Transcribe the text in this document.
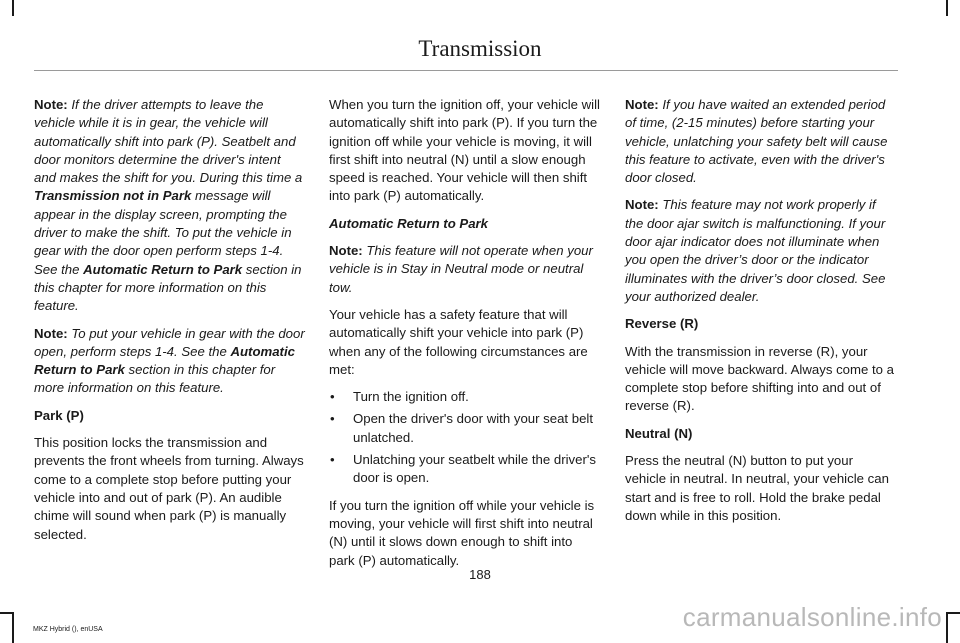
Transmission

Note: If the driver attempts to leave the vehicle while it is in gear, the vehicle will automatically shift into park (P). Seatbelt and door monitors determine the driver's intent and makes the shift for you. During this time a Transmission not in Park message will appear in the display screen, prompting the driver to make the shift. To put the vehicle in gear with the door open perform steps 1-4. See the Automatic Return to Park section in this chapter for more information on this feature.

Note: To put your vehicle in gear with the door open, perform steps 1-4. See the Automatic Return to Park section in this chapter for more information on this feature.

Park (P)

This position locks the transmission and prevents the front wheels from turning. Always come to a complete stop before putting your vehicle into and out of park (P). An audible chime will sound when park (P) is manually selected.

When you turn the ignition off, your vehicle will automatically shift into park (P). If you turn the ignition off while your vehicle is moving, it will first shift into neutral (N) until a slow enough speed is reached. Your vehicle will then shift into park (P) automatically.

Automatic Return to Park

Note: This feature will not operate when your vehicle is in Stay in Neutral mode or neutral tow.

Your vehicle has a safety feature that will automatically shift your vehicle into park (P) when any of the following circumstances are met:

• Turn the ignition off.
• Open the driver's door with your seat belt unlatched.
• Unlatching your seatbelt while the driver's door is open.

If you turn the ignition off while your vehicle is moving, your vehicle will first shift into neutral (N) until it slows down enough to shift into park (P) automatically.

Note: If you have waited an extended period of time, (2-15 minutes) before starting your vehicle, unlatching your safety belt will cause this feature to activate, even with the driver's door closed.

Note: This feature may not work properly if the door ajar switch is malfunctioning. If your door ajar indicator does not illuminate when you open the driver’s door or the indicator illuminates with the driver’s door closed. See your authorized dealer.

Reverse (R)

With the transmission in reverse (R), your vehicle will move backward. Always come to a complete stop before shifting into and out of reverse (R).

Neutral (N)

Press the neutral (N) button to put your vehicle in neutral. In neutral, your vehicle can start and is free to roll. Hold the brake pedal down while in this position.

188
MKZ Hybrid (), enUSA	carmanualsonline.info
